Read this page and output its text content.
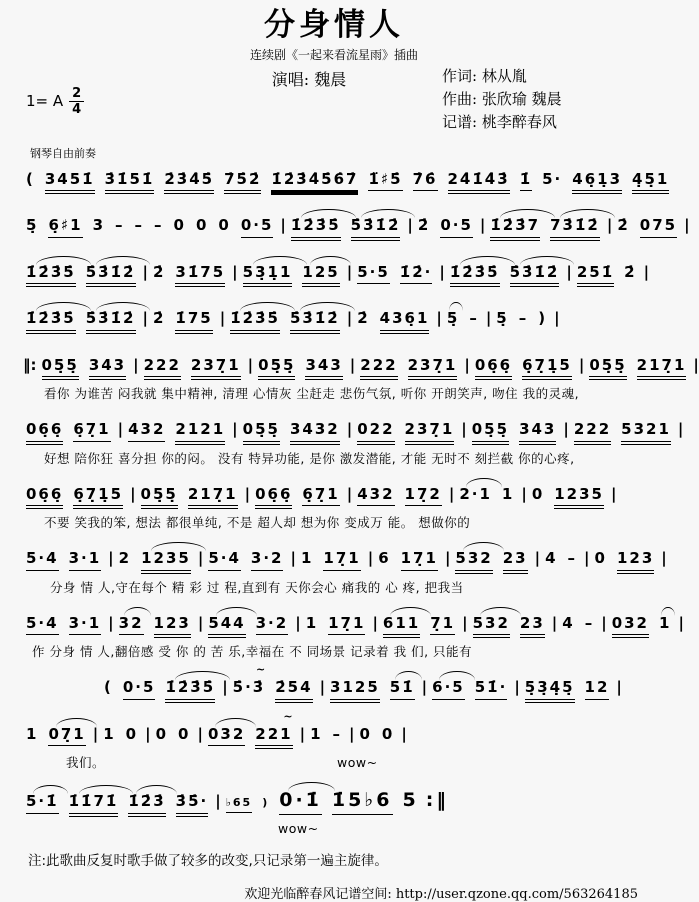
分身情人
连续剧《一起来看流星雨》插曲
1= A $\frac{2}{4}$
演唱: 魏晨	作词: 林从胤
作曲: 张欣瑜 魏晨
记谱: 桃李醉春风
钢琴自由前奏
( 3451̇ 3̇1̇51̇ 2̇3̇4̇5̇ 7̇5̇2̇ 1̇2̇3̇4̇5̇6̇7̇ 1̈♯5̇ 7̇6̇ 24̇1̇4̇3̇ 1̇ 5· 46̣1̣3 4̣5̣1
5̣ 6̣♯1 3 – – – 0 0 0 0·5 | 1̇2̇3̇5̇ 5̇3̇1̇2̇ | 2̇ 0·5 | 1̇2̇3̇7 73̇1̇2̇ | 2̇ 075 |
1̇2̇3̇5̇ 5̇3̇1̇2̇ | 2̇ 31̇75 | 53̣1̣1 125 | 5·5 1̇2̇· | 1̇2̇3̇5̇ 5̇3̇1̇2̇ | 251̇ 2̇ |
1̇2̇3̇5̇ 5̇3̇1̇2̇ | 2̇ 1̇75 | 1̇2̇3̇5̇ 5̇3̇1̇2̇ | 2̇ 436̣1 | 5̣ – | 5̣ – ) |
‖: 05̣5̣ 343 | 222 237̣1 | 05̣5̣ 343 | 222 237̣1 | 06̣6̣ 6̣7̣1̣5 | 05̣5̣ 217̣1 |
看你 为谁苦 闷我就 集中精神, 清理 心情灰 尘赶走 悲伤气氛, 听你 开朗笑声, 吻住 我的灵魂,
06̣6̣ 6̣7̣1 | 432 2121 | 05̣5̣ 3432 | 022 237̣1 | 05̣5̣ 343 | 222 5321 |
好想 陪你狂 喜分担 你的闷。 没有 特异功能, 是你 激发潜能, 才能 无时不 刻拦截 你的心疼,
06̣6̣ 6̣7̣1̣5 | 05̣5̣ 217̣1 | 06̣6̣ 6̣7̣1 | 432 17̣2 | 2·1 1 | 0 1235 |
不要 笑我的笨, 想法 都很单纯, 不是 超人却 想为你 变成万 能。 想做你的
5·4 3·1 | 2 1235 | 5·4 3·2 | 1 17̣1 | 6 17̣1 | 532 23 | 4 – | 0 123 |
分身 情 人,守在每个 精 彩 过 程,直到有 天你会心 痛我的 心 疼, 把我当
5·4 3·1 | 32 123 | 544 3·2 | 1 17̣1 | 611 7̣1 | 532 23 | 4 – | 032 1 |
作 分身 情 人,翻倍感 受 你 的 苦 乐,幸福在 不 同场景 记录着 我 们, 只能有
( 0·5 1̇2̇3̇5̇ | ~ 5̇·3̇ 2̇54 | 3125 51̇ | 6·5 51̇· | 5̣3̣4̣5̣ 12 |
1 07̣1 | 1 0 | 0 0 | 032 ~ 221 | 1 – | 0 0 |
我们。	wow~
5·1̇ 1̇1̇71̇ 1̇2̇3̇ 3̇5̇· | ♭6̇5̇ ) 0·1̇ 1̇5♭6 5 :‖
wow~
注:此歌曲反复时歌手做了较多的改变,只记录第一遍主旋律。
欢迎光临醉春风记谱空间: http://user.qzone.qq.com/563264185
